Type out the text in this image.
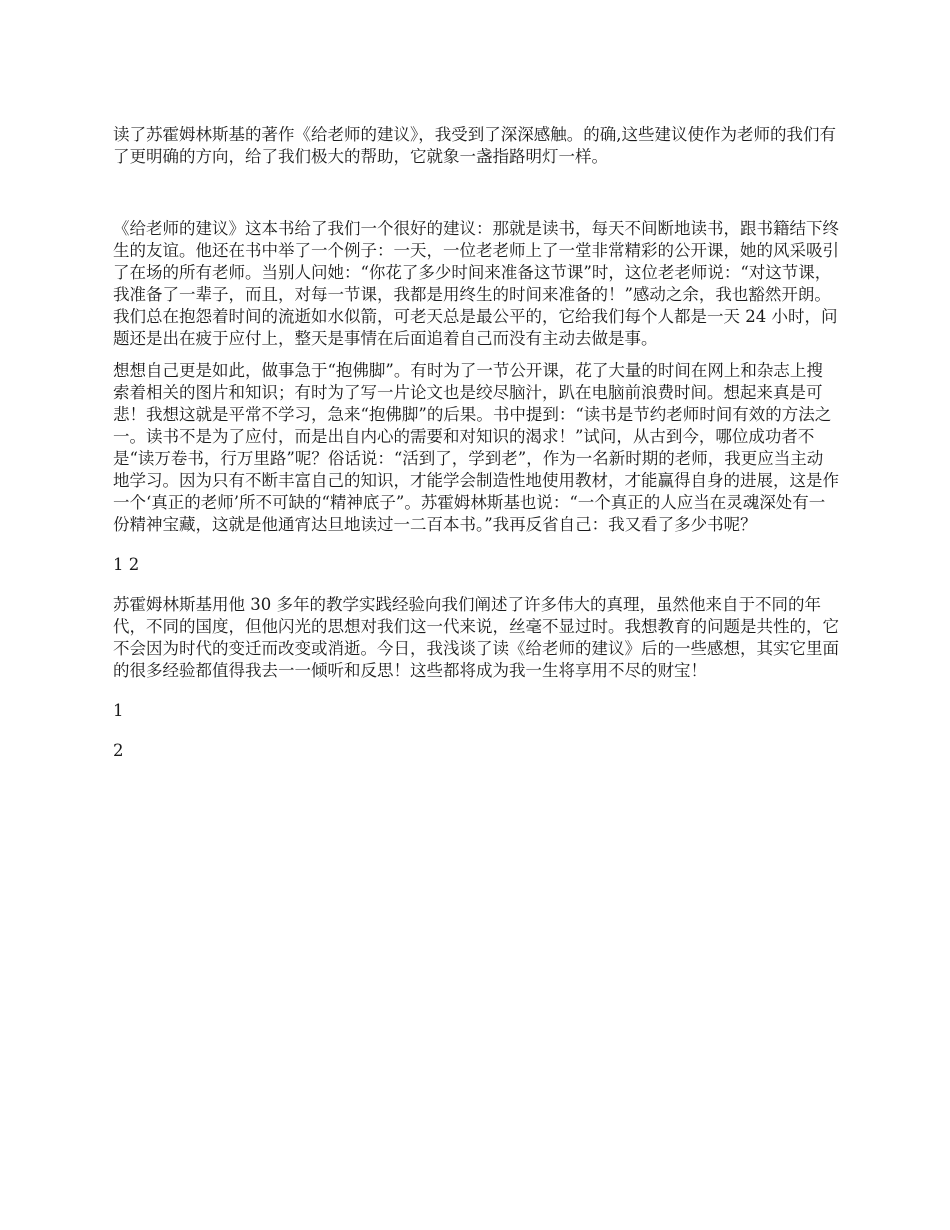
读了苏霍姆林斯基的著作《给老师的建议》，我受到了深深感触。的确,这些建议使作为老师的我们有了更明确的方向，给了我们极大的帮助，它就象一盏指路明灯一样。

《给老师的建议》这本书给了我们一个很好的建议：那就是读书，每天不间断地读书，跟书籍结下终生的友谊。他还在书中举了一个例子：一天，一位老老师上了一堂非常精彩的公开课，她的风采吸引了在场的所有老师。当别人问她：“你花了多少时间来准备这节课”时，这位老老师说：“对这节课，我准备了一辈子，而且，对每一节课，我都是用终生的时间来准备的！”感动之余，我也豁然开朗。我们总在抱怨着时间的流逝如水似箭，可老天总是最公平的，它给我们每个人都是一天 24 小时，问题还是出在疲于应付上，整天是事情在后面追着自己而没有主动去做是事。

想想自己更是如此，做事急于“抱佛脚”。有时为了一节公开课，花了大量的时间在网上和杂志上搜索着相关的图片和知识；有时为了写一片论文也是绞尽脑汁，趴在电脑前浪费时间。想起来真是可悲！我想这就是平常不学习，急来“抱佛脚”的后果。书中提到：“读书是节约老师时间有效的方法之一。读书不是为了应付，而是出自内心的需要和对知识的渴求！”试问，从古到今，哪位成功者不是“读万卷书，行万里路”呢？俗话说：“活到了，学到老”，作为一名新时期的老师，我更应当主动地学习。因为只有不断丰富自己的知识，才能学会制造性地使用教材，才能赢得自身的进展，这是作一个‘真正的老师’所不可缺的“精神底子”。苏霍姆林斯基也说：“一个真正的人应当在灵魂深处有一份精神宝藏，这就是他通宵达旦地读过一二百本书。”我再反省自己：我又看了多少书呢？

1 2

苏霍姆林斯基用他 30 多年的教学实践经验向我们阐述了许多伟大的真理，虽然他来自于不同的年代，不同的国度，但他闪光的思想对我们这一代来说，丝毫不显过时。我想教育的问题是共性的，它不会因为时代的变迁而改变或消逝。今日，我浅谈了读《给老师的建议》后的一些感想，其实它里面的很多经验都值得我去一一倾听和反思！这些都将成为我一生将享用不尽的财宝！

1

2
